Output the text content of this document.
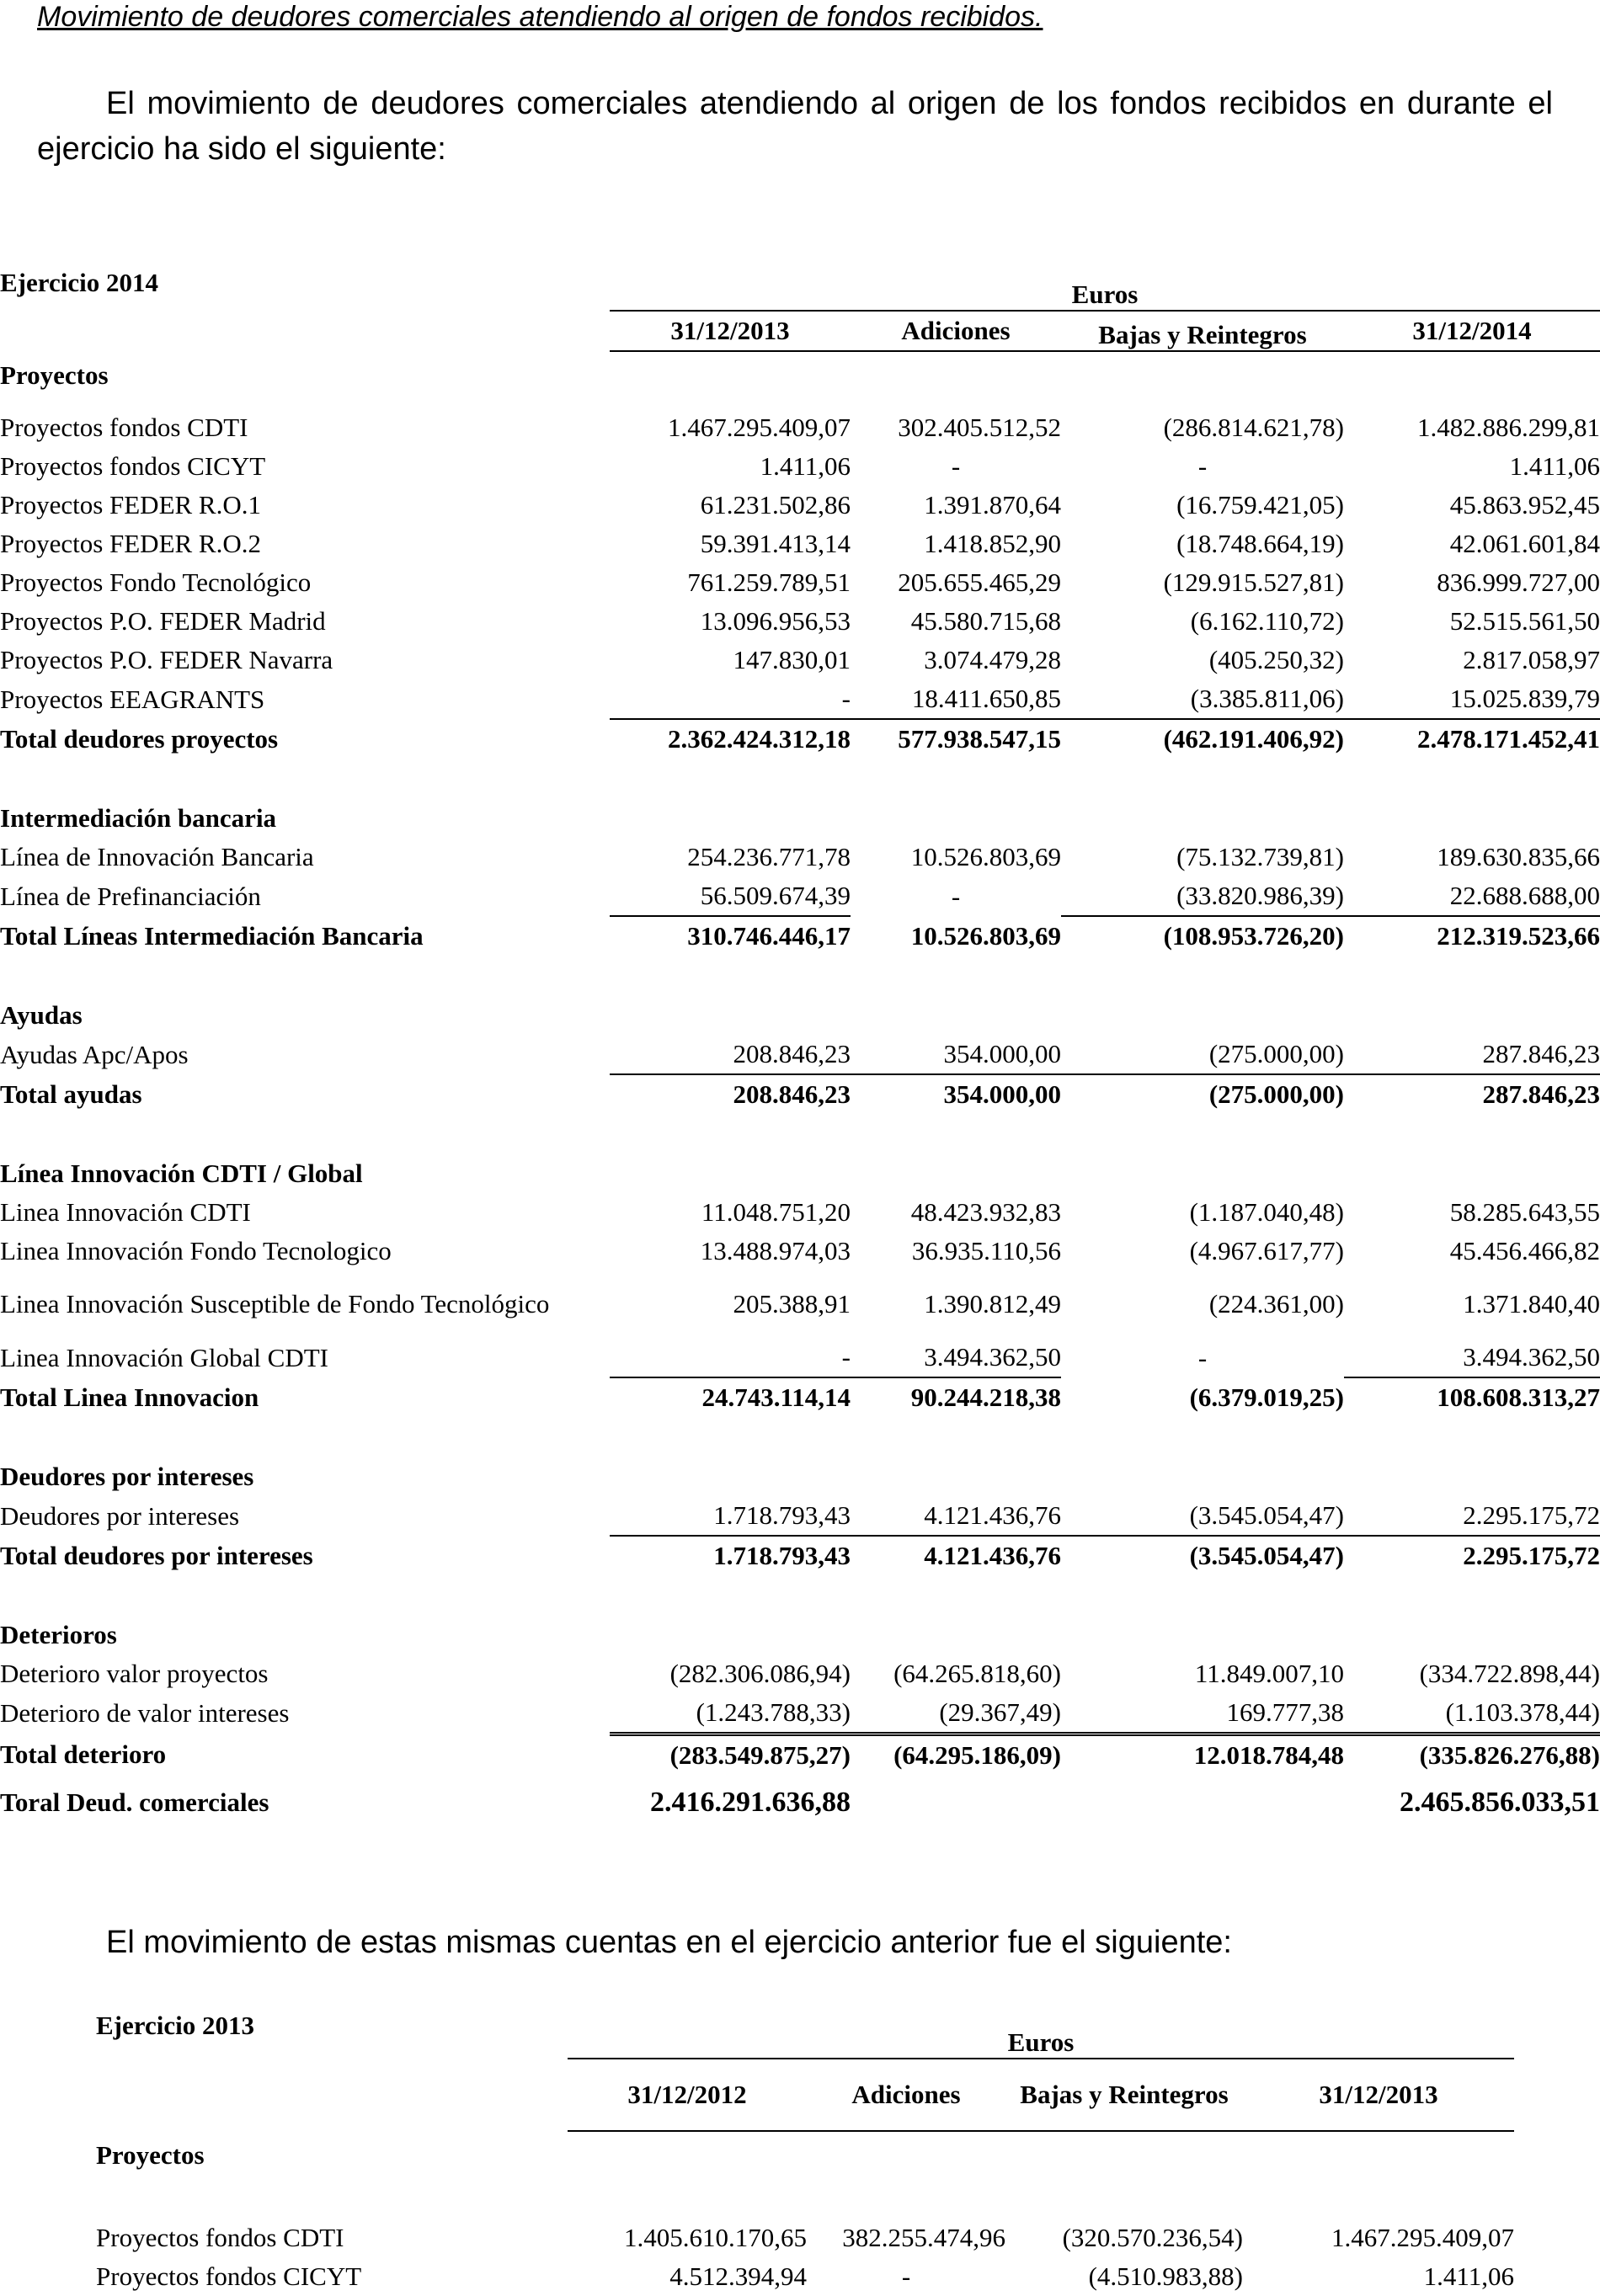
Movimiento de deudores comerciales atendiendo al origen de fondos recibidos.
El movimiento de deudores comerciales atendiendo al origen de los fondos recibidos en durante el ejercicio ha sido el siguiente:
Ejercicio 2014	Euros			
	31/12/2013	Adiciones	Bajas y Reintegros	31/12/2014
Proyectos				

Proyectos fondos CDTI	1.467.295.409,07	302.405.512,52	(286.814.621,78)	1.482.886.299,81
Proyectos fondos CICYT	1.411,06	-	-	1.411,06
Proyectos FEDER R.O.1	61.231.502,86	1.391.870,64	(16.759.421,05)	45.863.952,45
Proyectos FEDER R.O.2	59.391.413,14	1.418.852,90	(18.748.664,19)	42.061.601,84
Proyectos Fondo Tecnológico	761.259.789,51	205.655.465,29	(129.915.527,81)	836.999.727,00
Proyectos P.O. FEDER Madrid	13.096.956,53	45.580.715,68	(6.162.110,72)	52.515.561,50
Proyectos P.O. FEDER Navarra	147.830,01	3.074.479,28	(405.250,32)	2.817.058,97
Proyectos EEAGRANTS	-	18.411.650,85	(3.385.811,06)	15.025.839,79
Total deudores proyectos	2.362.424.312,18	577.938.547,15	(462.191.406,92)	2.478.171.452,41

Intermediación bancaria				
Línea de Innovación Bancaria	254.236.771,78	10.526.803,69	(75.132.739,81)	189.630.835,66
Línea de Prefinanciación	56.509.674,39	-	(33.820.986,39)	22.688.688,00
Total Líneas Intermediación Bancaria	310.746.446,17	10.526.803,69	(108.953.726,20)	212.319.523,66

Ayudas				
Ayudas Apc/Apos	208.846,23	354.000,00	(275.000,00)	287.846,23
Total ayudas	208.846,23	354.000,00	(275.000,00)	287.846,23

Línea Innovación CDTI / Global				
Linea Innovación CDTI	11.048.751,20	48.423.932,83	(1.187.040,48)	58.285.643,55
Linea Innovación Fondo Tecnologico	13.488.974,03	36.935.110,56	(4.967.617,77)	45.456.466,82
Linea Innovación Susceptible de Fondo Tecnológico	205.388,91	1.390.812,49	(224.361,00)	1.371.840,40
Linea Innovación Global CDTI	-	3.494.362,50	-	3.494.362,50
Total Linea Innovacion	24.743.114,14	90.244.218,38	(6.379.019,25)	108.608.313,27

Deudores por intereses				
Deudores por intereses	1.718.793,43	4.121.436,76	(3.545.054,47)	2.295.175,72
Total deudores por intereses	1.718.793,43	4.121.436,76	(3.545.054,47)	2.295.175,72

Deterioros				
Deterioro valor proyectos	(282.306.086,94)	(64.265.818,60)	11.849.007,10	(334.722.898,44)
Deterioro de valor intereses	(1.243.788,33)	(29.367,49)	169.777,38	(1.103.378,44)
Total deterioro	(283.549.875,27)	(64.295.186,09)	12.018.784,48	(335.826.276,88)

Toral Deud. comerciales	2.416.291.636,88			2.465.856.033,51
El movimiento de estas mismas cuentas en el ejercicio anterior fue el siguiente:
Ejercicio 2013	Euros			
	31/12/2012	Adiciones	Bajas y Reintegros	31/12/2013
Proyectos				

Proyectos fondos CDTI	1.405.610.170,65	382.255.474,96	(320.570.236,54)	1.467.295.409,07
Proyectos fondos CICYT	4.512.394,94	-	(4.510.983,88)	1.411,06
